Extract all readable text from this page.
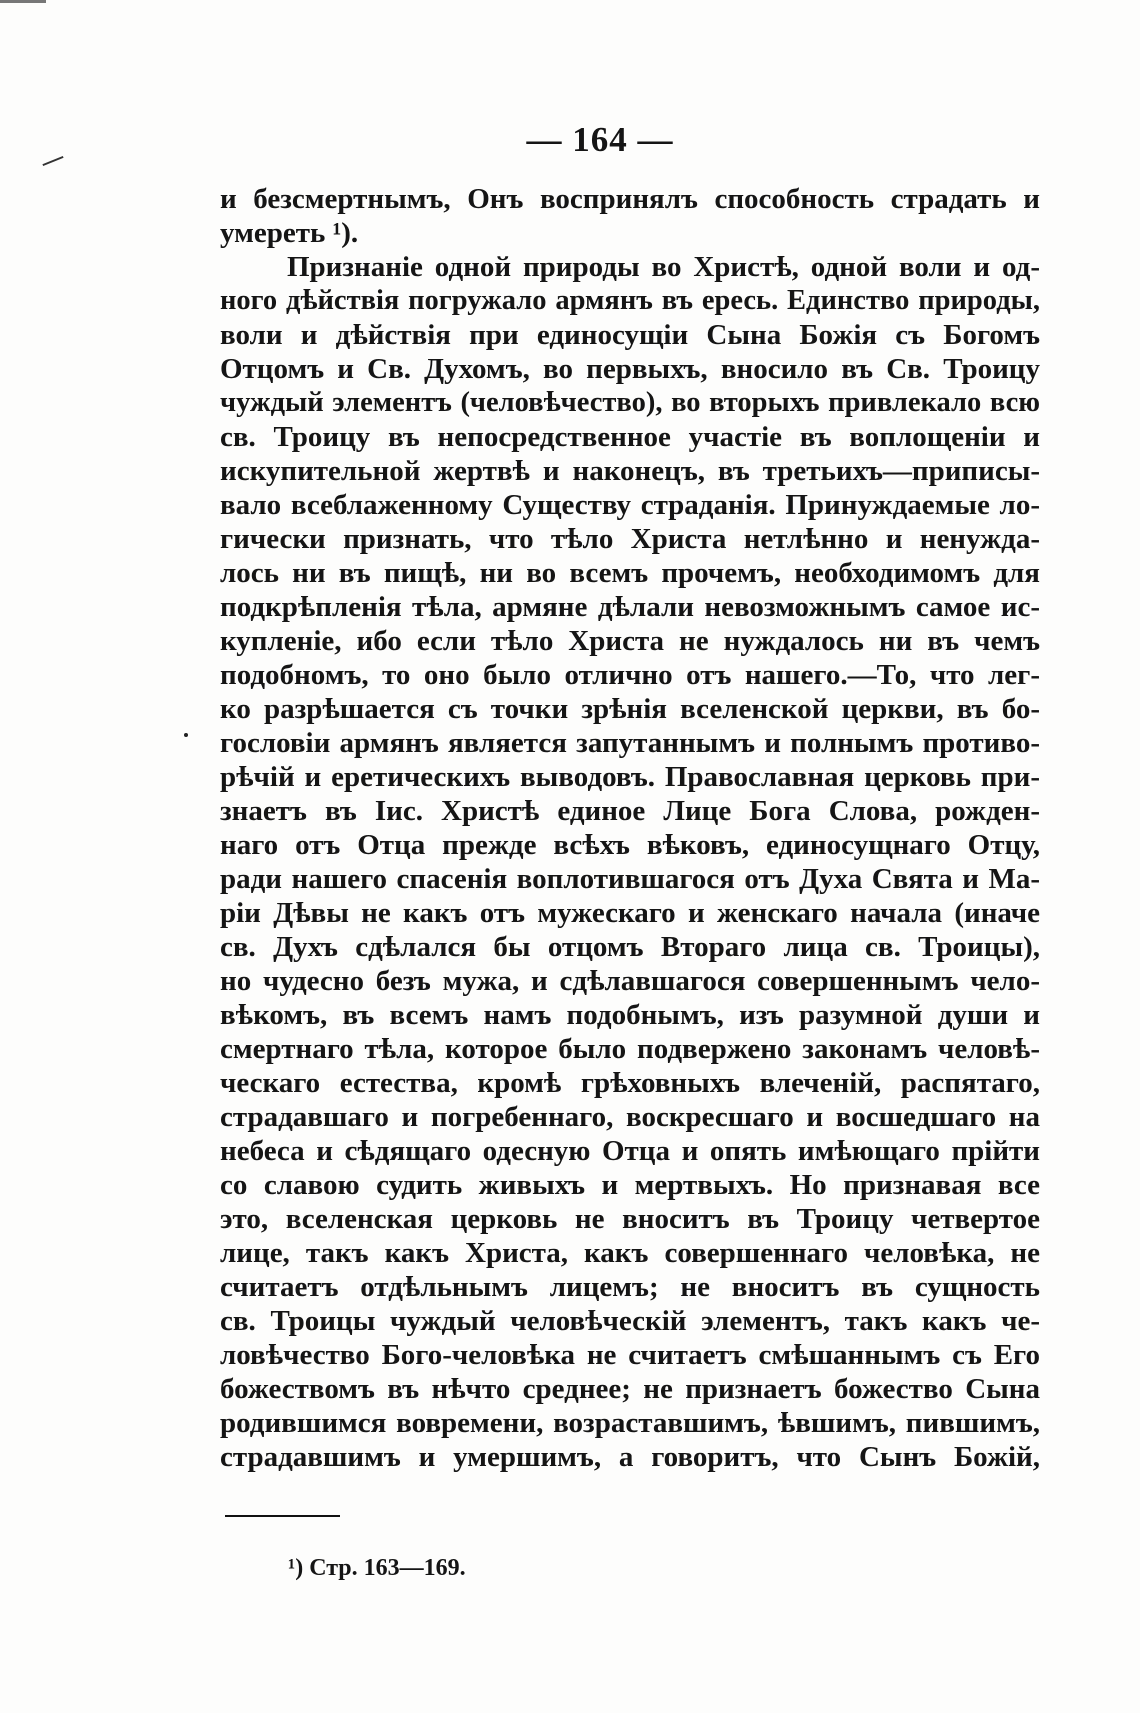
— 164 —
и безсмертнымъ, Онъ воспринялъ способность страдать и
умереть ¹).
Признаніе одной природы во Христѣ, одной воли и од-
ного дѣйствія погружало армянъ въ ересь. Единство природы,
воли и дѣйствія при единосущіи Сына Божія съ Богомъ
Отцомъ и Св. Духомъ, во первыхъ, вносило въ Св. Троицу
чуждый элементъ (человѣчество), во вторыхъ привлекало всю
св. Троицу въ непосредственное участіе въ воплощеніи и
искупительной жертвѣ и наконецъ, въ третьихъ—приписы-
вало всеблаженному Существу страданія. Принуждаемые ло-
гически признать, что тѣло Христа нетлѣнно и ненуждa-
лось ни въ пищѣ, ни во всемъ прочемъ, необходимомъ для
подкрѣпленія тѣла, армяне дѣлали невозможнымъ самое ис-
купленіе, ибо если тѣло Христа не нуждалось ни въ чемъ
подобномъ, то оно было отлично отъ нашего.—То, что лег-
ко разрѣшается съ точки зрѣнія вселенской церкви, въ бо-
гословіи армянъ является запутаннымъ и полнымъ противо-
рѣчій и еретическихъ выводовъ. Православная церковь при-
знаетъ въ Іис. Христѣ единое Лице Бога Слова, рожден-
наго отъ Отца прежде всѣхъ вѣковъ, единосущнаго Отцу,
ради нашего спасенія воплотившагося отъ Духа Свята и Ма-
ріи Дѣвы не какъ отъ мужескаго и женскаго начала (иначе
св. Духъ сдѣлался бы отцомъ Втораго лица св. Троицы),
но чудесно безъ мужа, и сдѣлавшагося совершеннымъ чело-
вѣкомъ, въ всемъ намъ подобнымъ, изъ разумной души и
смертнаго тѣла, которое было подвержено законамъ человѣ-
ческаго естества, кромѣ грѣховныхъ влеченій, распятаго,
страдавшаго и погребеннаго, воскресшаго и восшедшаго на
небеса и сѣдящаго одесную Отца и опять имѣющаго прійти
со славою судить живыхъ и мертвыхъ. Но признавая все
это, вселенская церковь не вноситъ въ Троицу четвертое
лице, такъ какъ Христа, какъ совершеннаго человѣка, не
считаетъ отдѣльнымъ лицемъ; не вноситъ въ сущность
св. Троицы чуждый человѣческій элементъ, такъ какъ че-
ловѣчество Бого-человѣка не считаетъ смѣшаннымъ съ Его
божествомъ въ нѣчто среднее; не признаетъ божество Сына
родившимся вовремени, возраставшимъ, ѣвшимъ, пившимъ,
страдавшимъ и умершимъ, а говоритъ, что Сынъ Божій,
¹) Стр. 163—169.
